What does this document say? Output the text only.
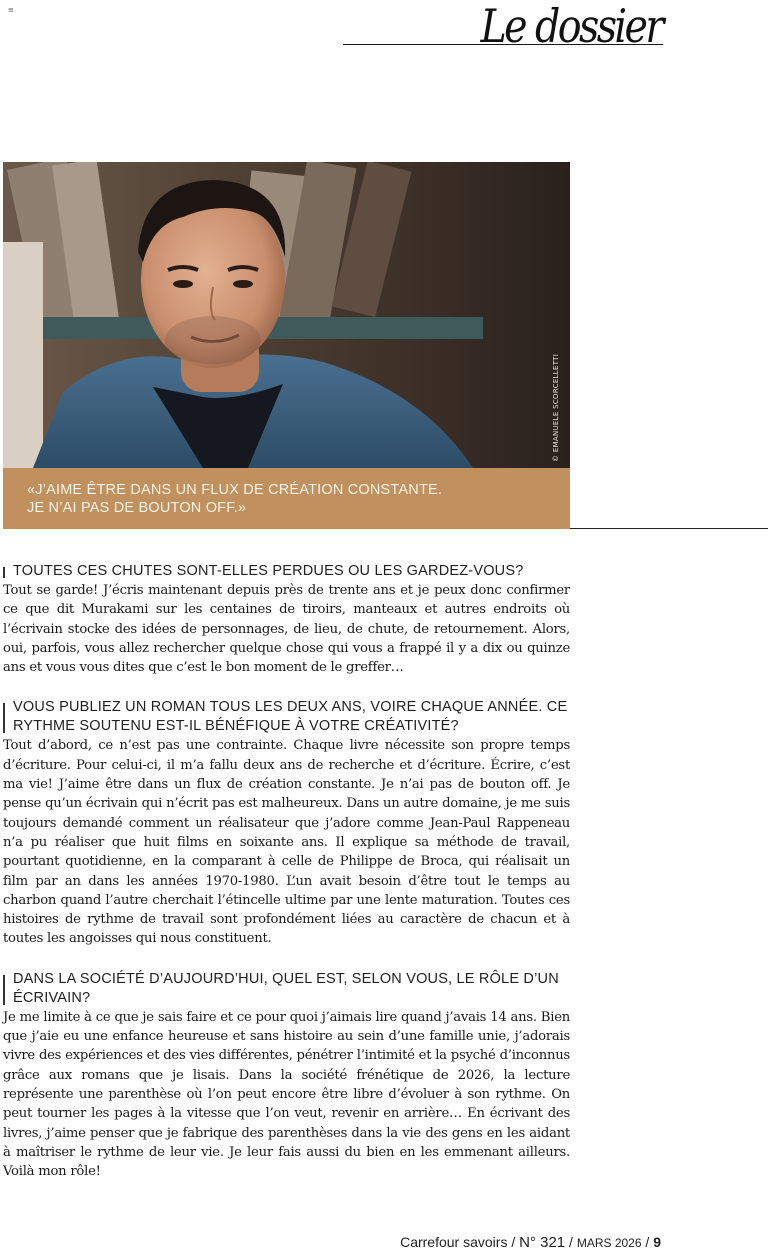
≡	Le dossier
© EMANUELE SCORCELLETTI
«J’AIME ÊTRE DANS UN FLUX DE CRÉATION CONSTANTE.
JE N’AI PAS DE BOUTON OFF.»
TOUTES CES CHUTES SONT-ELLES PERDUES OU LES GARDEZ-VOUS?

Tout se garde! J’écris maintenant depuis près de trente ans et je peux donc confirmer ce que dit Murakami sur les centaines de tiroirs, manteaux et autres endroits où l’écrivain stocke des idées de personnages, de lieu, de chute, de retournement. Alors, oui, parfois, vous allez rechercher quelque chose qui vous a frappé il y a dix ou quinze ans et vous vous dites que c’est le bon moment de le greffer…

VOUS PUBLIEZ UN ROMAN TOUS LES DEUX ANS, VOIRE CHAQUE ANNÉE. CE RYTHME SOUTENU EST-IL BÉNÉFIQUE À VOTRE CRÉATIVITÉ?

Tout d’abord, ce n’est pas une contrainte. Chaque livre nécessite son propre temps d’écriture. Pour celui-ci, il m’a fallu deux ans de recherche et d’écriture. Écrire, c’est ma vie! J’aime être dans un flux de création constante. Je n’ai pas de bouton off. Je pense qu’un écrivain qui n’écrit pas est malheureux. Dans un autre domaine, je me suis toujours demandé comment un réalisateur que j’adore comme Jean-Paul Rappeneau n’a pu réaliser que huit films en soixante ans. Il explique sa méthode de travail, pourtant quotidienne, en la comparant à celle de Philippe de Broca, qui réalisait un film par an dans les années 1970-1980. L’un avait besoin d’être tout le temps au charbon quand l’autre cherchait l’étincelle ultime par une lente maturation. Toutes ces histoires de rythme de travail sont profondément liées au caractère de chacun et à toutes les angoisses qui nous constituent.

DANS LA SOCIÉTÉ D’AUJOURD’HUI, QUEL EST, SELON VOUS, LE RÔLE D’UN ÉCRIVAIN?

Je me limite à ce que je sais faire et ce pour quoi j’aimais lire quand j’avais 14 ans. Bien que j’aie eu une enfance heureuse et sans histoire au sein d’une famille unie, j’adorais vivre des expériences et des vies différentes, pénétrer l’intimité et la psyché d’inconnus grâce aux romans que je lisais. Dans la société frénétique de 2026, la lecture représente une parenthèse où l’on peut encore être libre d’évoluer à son rythme. On peut tourner les pages à la vitesse que l’on veut, revenir en arrière… En écrivant des livres, j’aime penser que je fabrique des parenthèses dans la vie des gens en les aidant à maîtriser le rythme de leur vie. Je leur fais aussi du bien en les emmenant ailleurs. Voilà mon rôle!

Carrefour savoirs / N° 321 / MARS 2026 / 9
